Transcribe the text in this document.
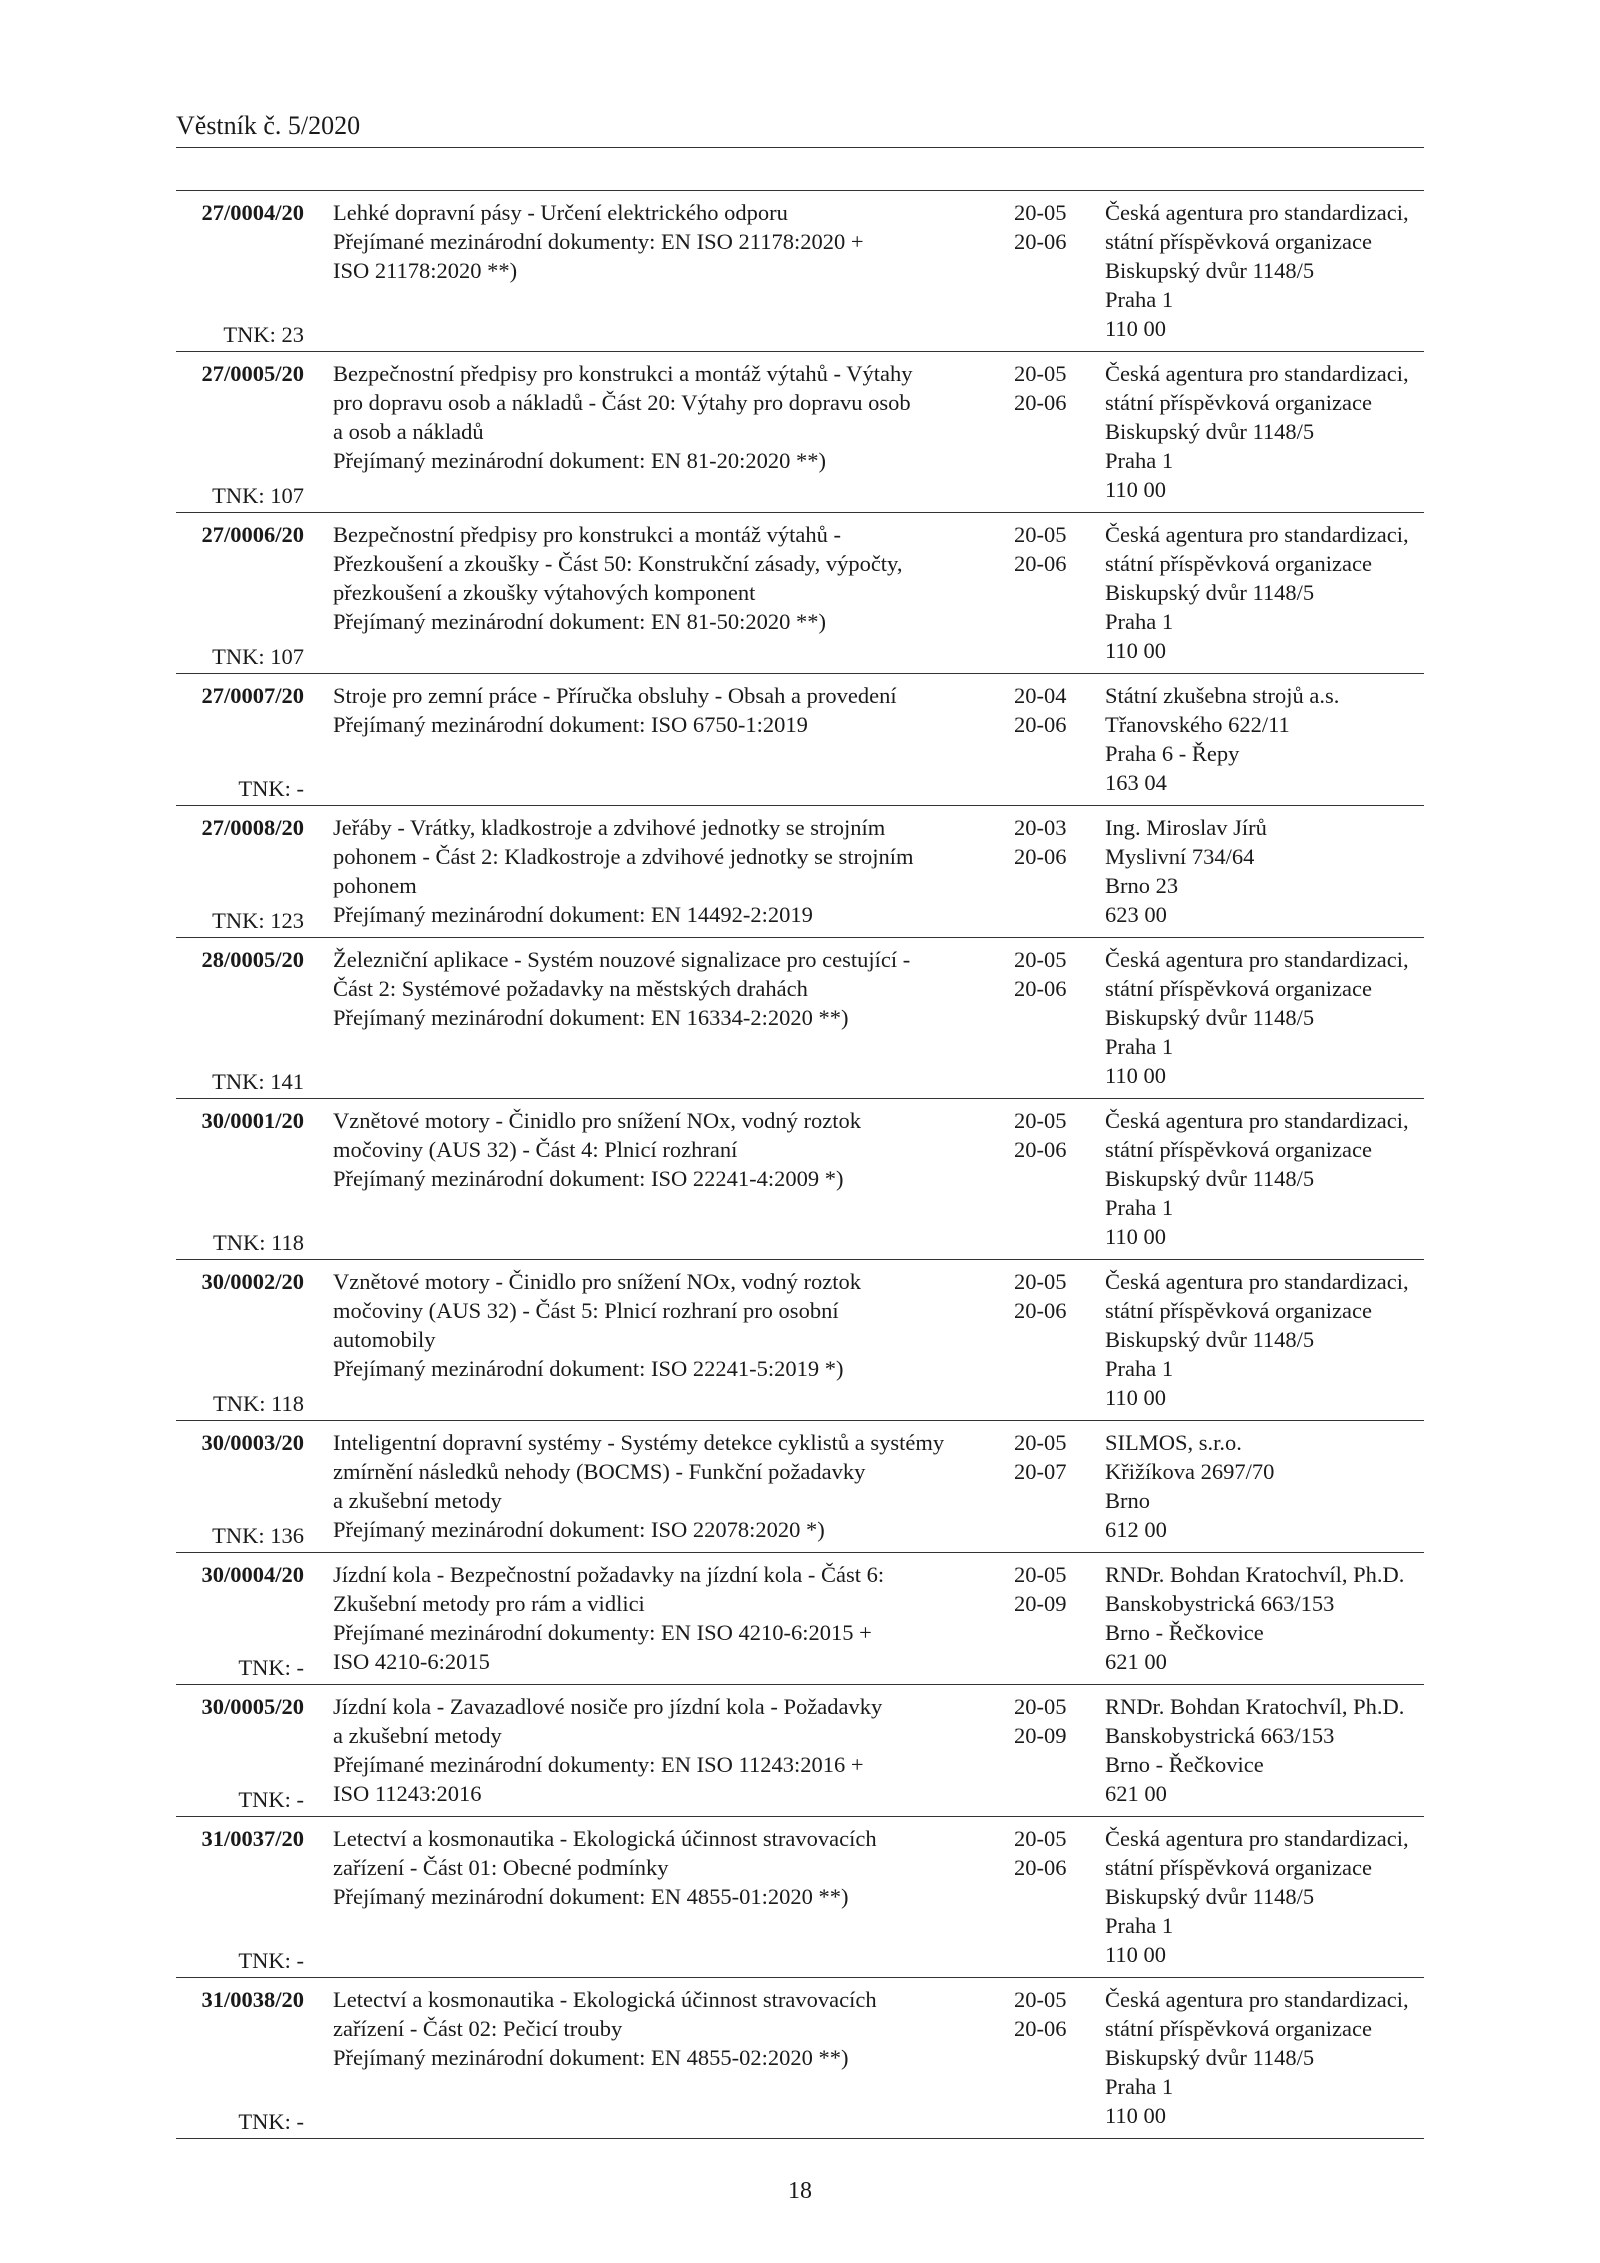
Věstník č. 5/2020
27/0004/20
TNK: 23
Lehké dopravní pásy - Určení elektrického odporu
Přejímané mezinárodní dokumenty: EN ISO 21178:2020 +
ISO 21178:2020 **)
20-05
20-06
Česká agentura pro standardizaci,
státní příspěvková organizace
Biskupský dvůr 1148/5
Praha 1
110 00
27/0005/20
TNK: 107
Bezpečnostní předpisy pro konstrukci a montáž výtahů - Výtahy
pro dopravu osob a nákladů - Část 20: Výtahy pro dopravu osob
a osob a nákladů
Přejímaný mezinárodní dokument: EN 81-20:2020 **)
20-05
20-06
Česká agentura pro standardizaci,
státní příspěvková organizace
Biskupský dvůr 1148/5
Praha 1
110 00
27/0006/20
TNK: 107
Bezpečnostní předpisy pro konstrukci a montáž výtahů -
Přezkoušení a zkoušky - Část 50: Konstrukční zásady, výpočty,
přezkoušení a zkoušky výtahových komponent
Přejímaný mezinárodní dokument: EN 81-50:2020 **)
20-05
20-06
Česká agentura pro standardizaci,
státní příspěvková organizace
Biskupský dvůr 1148/5
Praha 1
110 00
27/0007/20
TNK: -
Stroje pro zemní práce - Příručka obsluhy - Obsah a provedení
Přejímaný mezinárodní dokument: ISO 6750-1:2019
20-04
20-06
Státní zkušebna strojů a.s.
Třanovského 622/11
Praha 6 - Řepy
163 04
27/0008/20
TNK: 123
Jeřáby - Vrátky, kladkostroje a zdvihové jednotky se strojním
pohonem - Část 2: Kladkostroje a zdvihové jednotky se strojním
pohonem
Přejímaný mezinárodní dokument: EN 14492-2:2019
20-03
20-06
Ing. Miroslav Jírů
Myslivní 734/64
Brno 23
623 00
28/0005/20
TNK: 141
Železniční aplikace - Systém nouzové signalizace pro cestující -
Část 2: Systémové požadavky na městských drahách
Přejímaný mezinárodní dokument: EN 16334-2:2020 **)
20-05
20-06
Česká agentura pro standardizaci,
státní příspěvková organizace
Biskupský dvůr 1148/5
Praha 1
110 00
30/0001/20
TNK: 118
Vznětové motory - Činidlo pro snížení NOx, vodný roztok
močoviny (AUS 32) - Část 4: Plnicí rozhraní
Přejímaný mezinárodní dokument: ISO 22241-4:2009 *)
20-05
20-06
Česká agentura pro standardizaci,
státní příspěvková organizace
Biskupský dvůr 1148/5
Praha 1
110 00
30/0002/20
TNK: 118
Vznětové motory - Činidlo pro snížení NOx, vodný roztok
močoviny (AUS 32) - Část 5: Plnicí rozhraní pro osobní
automobily
Přejímaný mezinárodní dokument: ISO 22241-5:2019 *)
20-05
20-06
Česká agentura pro standardizaci,
státní příspěvková organizace
Biskupský dvůr 1148/5
Praha 1
110 00
30/0003/20
TNK: 136
Inteligentní dopravní systémy - Systémy detekce cyklistů a systémy
zmírnění následků nehody (BOCMS) - Funkční požadavky
a zkušební metody
Přejímaný mezinárodní dokument: ISO 22078:2020 *)
20-05
20-07
SILMOS, s.r.o.
Křižíkova 2697/70
Brno
612 00
30/0004/20
TNK: -
Jízdní kola - Bezpečnostní požadavky na jízdní kola - Část 6:
Zkušební metody pro rám a vidlici
Přejímané mezinárodní dokumenty: EN ISO 4210-6:2015 +
ISO 4210-6:2015
20-05
20-09
RNDr. Bohdan Kratochvíl, Ph.D.
Banskobystrická 663/153
Brno - Řečkovice
621 00
30/0005/20
TNK: -
Jízdní kola - Zavazadlové nosiče pro jízdní kola - Požadavky
a zkušební metody
Přejímané mezinárodní dokumenty: EN ISO 11243:2016 +
ISO 11243:2016
20-05
20-09
RNDr. Bohdan Kratochvíl, Ph.D.
Banskobystrická 663/153
Brno - Řečkovice
621 00
31/0037/20
TNK: -
Letectví a kosmonautika - Ekologická účinnost stravovacích
zařízení - Část 01: Obecné podmínky
Přejímaný mezinárodní dokument: EN 4855-01:2020 **)
20-05
20-06
Česká agentura pro standardizaci,
státní příspěvková organizace
Biskupský dvůr 1148/5
Praha 1
110 00
31/0038/20
TNK: -
Letectví a kosmonautika - Ekologická účinnost stravovacích
zařízení - Část 02: Pečicí trouby
Přejímaný mezinárodní dokument: EN 4855-02:2020 **)
20-05
20-06
Česká agentura pro standardizaci,
státní příspěvková organizace
Biskupský dvůr 1148/5
Praha 1
110 00
18
